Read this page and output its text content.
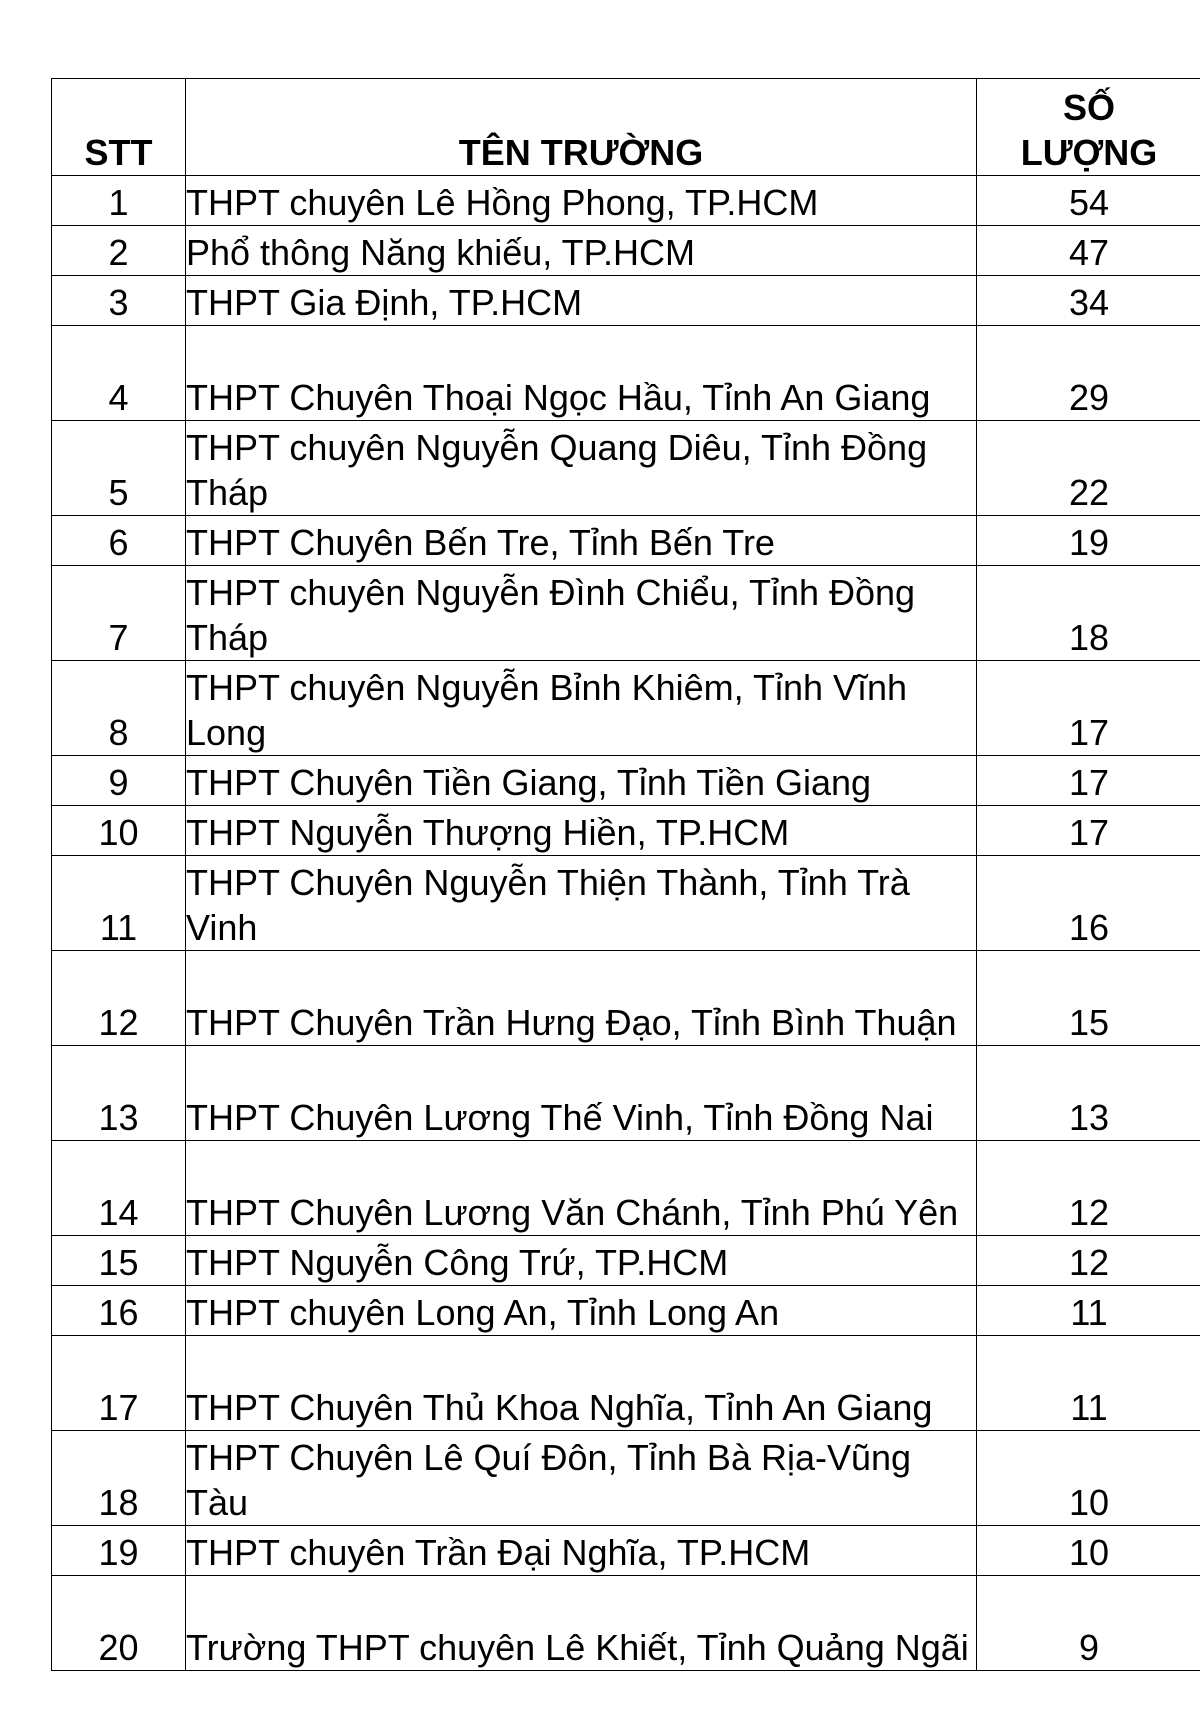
STT	TÊN TRƯỜNG	SỐ
LƯỢNG
1	THPT chuyên Lê Hồng Phong, TP.HCM	54
2	Phổ thông Năng khiếu, TP.HCM	47
3	THPT Gia Định, TP.HCM	34
4	THPT Chuyên Thoại Ngọc Hầu, Tỉnh An Giang	29
5	THPT chuyên Nguyễn Quang Diêu, Tỉnh Đồng Tháp	22
6	THPT Chuyên Bến Tre, Tỉnh Bến Tre	19
7	THPT chuyên Nguyễn Đình Chiểu, Tỉnh Đồng Tháp	18
8	THPT chuyên Nguyễn Bỉnh Khiêm, Tỉnh Vĩnh Long	17
9	THPT Chuyên Tiền Giang, Tỉnh Tiền Giang	17
10	THPT Nguyễn Thượng Hiền, TP.HCM	17
11	THPT Chuyên Nguyễn Thiện Thành, Tỉnh Trà Vinh	16
12	THPT Chuyên Trần Hưng Đạo, Tỉnh Bình Thuận	15
13	THPT Chuyên Lương Thế Vinh, Tỉnh Đồng Nai	13
14	THPT Chuyên Lương Văn Chánh, Tỉnh Phú Yên	12
15	THPT Nguyễn Công Trứ, TP.HCM	12
16	THPT chuyên Long An, Tỉnh Long An	11
17	THPT Chuyên Thủ Khoa Nghĩa, Tỉnh An Giang	11
18	THPT Chuyên Lê Quí Đôn, Tỉnh Bà Rịa-Vũng Tàu	10
19	THPT chuyên Trần Đại Nghĩa, TP.HCM	10
20	Trường THPT chuyên Lê Khiết, Tỉnh Quảng Ngãi	9
